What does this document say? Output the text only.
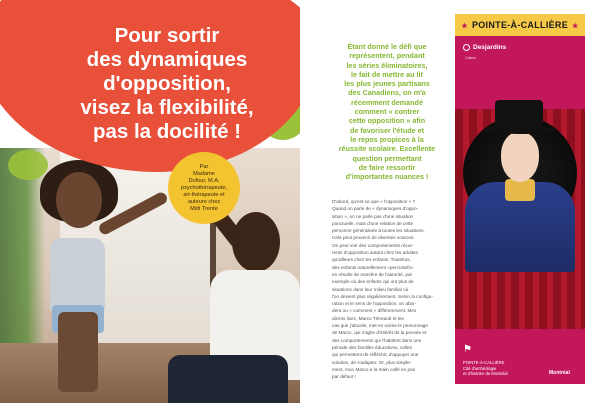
Pour sortir
des dynamiques
d'opposition,
visez la flexibilité,
pas la docilité !
Par
Madame
Dufour, M.A.
psychothérapeute,
art-thérapeute et
auteure chez
Midi Trente
Étant donné le défi que
représentent, pendant
les séries éliminatoires,
le fait de mettre au lit
les plus jeunes partisans
des Canadiens, on m'a
récemment demandé
comment « contrer
cette opposition » afin
de favoriser l'étude et
le repos propices à la
réussite scolaire. Excellente
question permettant
de faire ressortir
d'importantes nuances !
D'abord, qu'est-ce que « l'opposition » ?
Quand on parle de « dynamiques d'oppo-
sition », on ne parle pas d'une situation
ponctuelle, mais d'une relation de cette
personne généralisée à toutes les situations.
Cela peut provenir de diverses sources.
On peut voir des comportements récur-
rents d'opposition autant chez les adultes
qu'ailleurs chez les enfants. Toutefois,
des enfants naturellement «percussifs»
en résulte de manière de l'autorité, par
exemple où des enfants qui ont plus de
situations dans leur milieu familial où
l'on devient plus régulièrement. Selon la configu-
ration et le sens de l'opposition, on abor-
dera ou « comment » différemment. Mes
clients lisez, Marco Tétreault et les
cas que j'aborde, met en scène le personnage
de Marco, qui s'agite d'intérêt de la pensée et
des comportements qui l'habitent dans une
période des familles éducatives, celles
qui permettent de réfléchir, d'appuyer une
solution, de s'adapter. Or, plus simple-
ment, mon Marco a la main collé en pas
par défaut !
★ POINTE-À-CALLIÈRE ★
Desjardins
Caisse
⚑
POINTE-À-CALLIÈRE
Cité d'archéologie
et d'histoire de Montréal	Montréal
